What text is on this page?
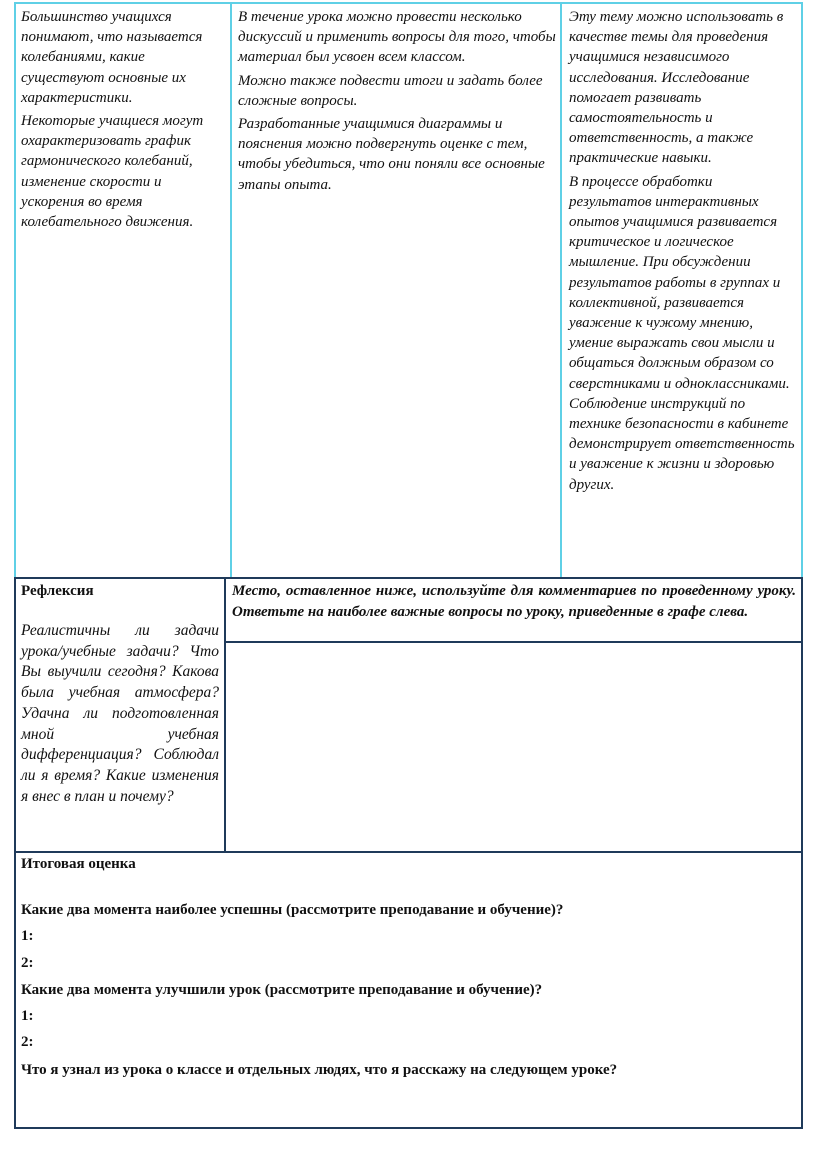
Большинство учащихся понимают, что называется колебаниями, какие существуют основные их характеристики.

Некоторые учащиеся могут охарактеризовать график гармонического колебаний, изменение скорости и ускорения во время колебательного движения.

В течение урока можно провести несколько дискуссий и применить вопросы для того, чтобы материал был усвоен всем классом.

Можно также подвести итоги и задать более сложные вопросы.

Разработанные учащимися диаграммы и пояснения можно подвергнуть оценке с тем, чтобы убедиться, что они поняли все основные этапы опыта.

Эту тему можно использовать в качестве темы для проведения учащимися независимого исследования. Исследование помогает развивать самостоятельность и ответственность, а также практические навыки.

В процессе обработки результатов интерактивных опытов учащимися развивается критическое и логическое мышление. При обсуждении результатов работы в группах и коллективной, развивается уважение к чужому мнению, умение выражать свои мысли и общаться должным образом со сверстниками и одноклассниками.

Соблюдение инструкций по технике безопасности в кабинете демонстрирует ответственность и уважение к жизни и здоровью других.

Рефлексия
Реалистичны ли задачи урока/учебные задачи? Что Вы выучили сегодня? Какова была учебная атмосфера? Удачна ли подготовленная мной учебная дифференциация? Соблюдал ли я время? Какие изменения я внес в план и почему?
Место, оставленное ниже, используйте для комментариев по проведенному уроку. Ответьте на наиболее важные вопросы по уроку, приведенные в графе слева.

Итоговая оценка

Какие два момента наиболее успешны (рассмотрите преподавание и обучение)?

1:

2:

Какие два момента улучшили урок (рассмотрите преподавание и обучение)?

1:

2:

Что я узнал из урока о классе и отдельных людях, что я расскажу на следующем уроке?
